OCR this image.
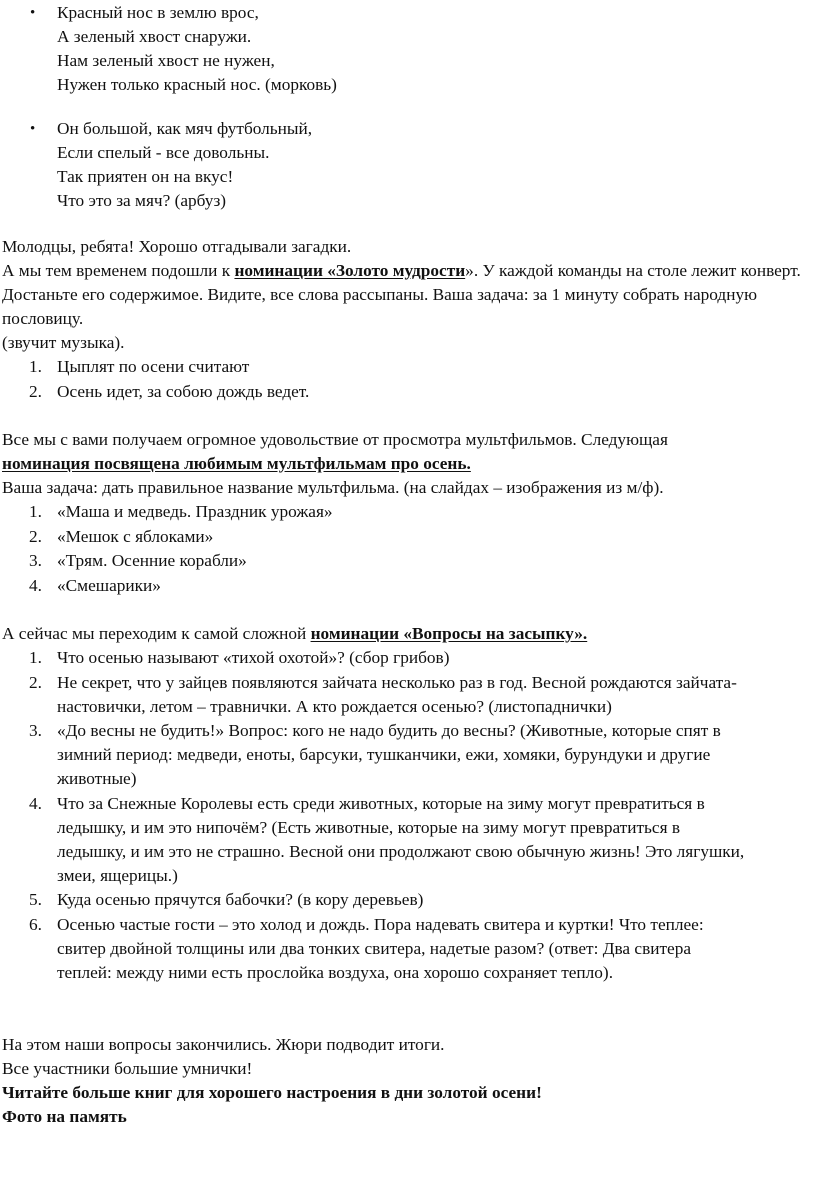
• Красный нос в землю врос,
А зеленый хвост снаружи.
Нам зеленый хвост не нужен,
Нужен только красный нос. (морковь)
• Он большой, как мяч футбольный,
Если спелый - все довольны.
Так приятен он на вкус!
Что это за мяч? (арбуз)

Молодцы, ребята! Хорошо отгадывали загадки.

А мы тем временем подошли к номинации «Золото мудрости». У каждой команды на столе лежит конверт. Достаньте его содержимое. Видите, все слова рассыпаны. Ваша задача: за 1 минуту собрать народную пословицу.

(звучит музыка).

1. Цыплят по осени считают
2. Осень идет, за собою дождь ведет.

Все мы с вами получаем огромное удовольствие от просмотра мультфильмов. Следующая

номинация посвящена любимым мультфильмам про осень.

Ваша задача: дать правильное название мультфильма. (на слайдах – изображения из м/ф).

1. «Маша и медведь. Праздник урожая»
2. «Мешок с яблоками»
3. «Трям. Осенние корабли»
4. «Смешарики»

А сейчас мы переходим к самой сложной номинации «Вопросы на засыпку».

1. Что осенью называют «тихой охотой»? (сбор грибов)
2. Не секрет, что у зайцев появляются зайчата несколько раз в год. Весной рождаются зайчата-
настовички, летом – травнички. А кто рождается осенью? (листопаднички)
3. «До весны не будить!» Вопрос: кого не надо будить до весны? (Животные, которые спят в
зимний период: медведи, еноты, барсуки, тушканчики, ежи, хомяки, бурундуки и другие
животные)
4. Что за Снежные Королевы есть среди животных, которые на зиму могут превратиться в
ледышку, и им это нипочём? (Есть животные, которые на зиму могут превратиться в
ледышку, и им это не страшно. Весной они продолжают свою обычную жизнь! Это лягушки,
змеи, ящерицы.)
5. Куда осенью прячутся бабочки? (в кору деревьев)
6. Осенью частые гости – это холод и дождь. Пора надевать свитера и куртки! Что теплее:
свитер двойной толщины или два тонких свитера, надетые разом? (ответ: Два свитера
теплей: между ними есть прослойка воздуха, она хорошо сохраняет тепло).

На этом наши вопросы закончились. Жюри подводит итоги.

Все участники большие умнички!

Читайте больше книг для хорошего настроения в дни золотой осени!

Фото на память
